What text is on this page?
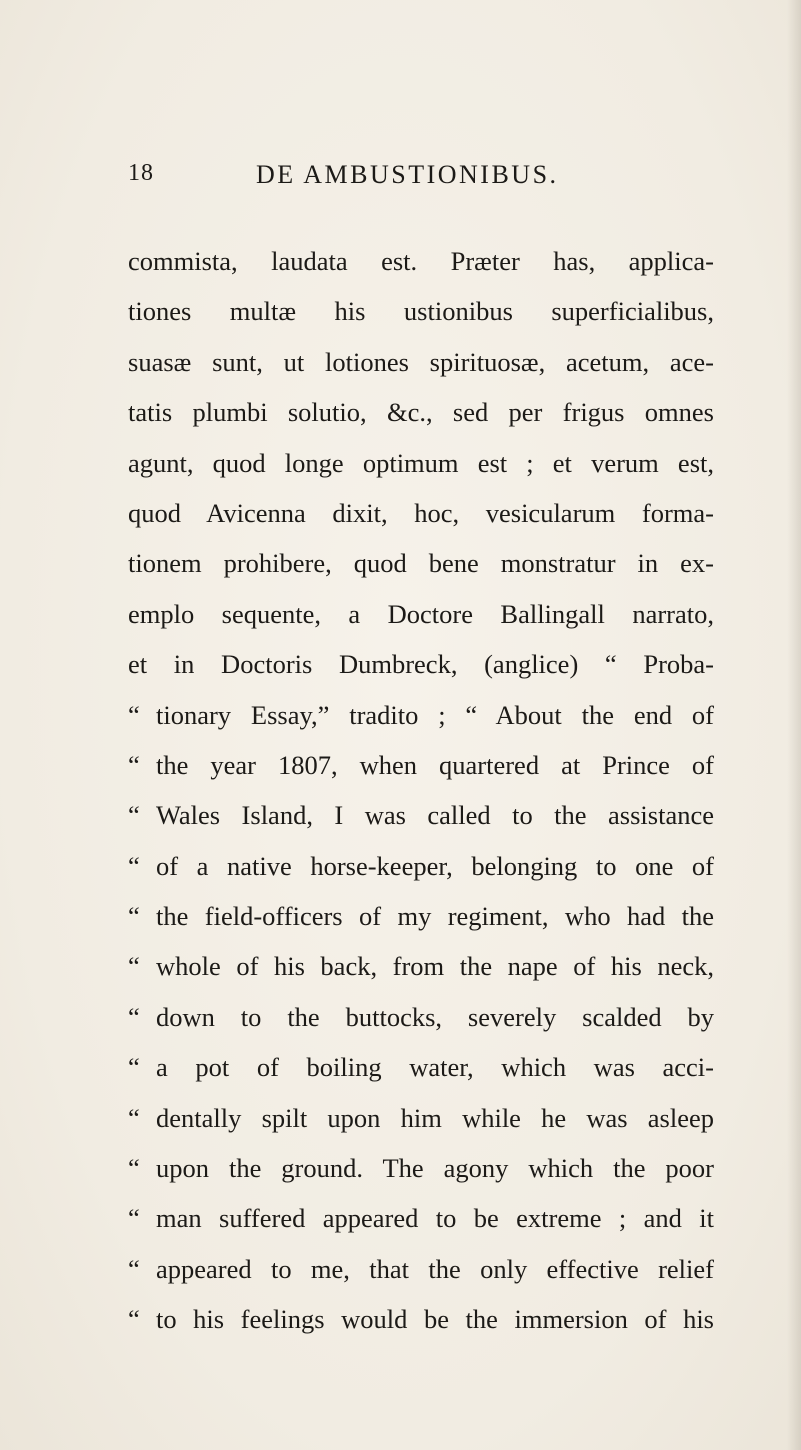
18	DE AMBUSTIONIBUS.
commista, laudata est. Præter has, applica-
tiones multæ his ustionibus superficialibus,
suasæ sunt, ut lotiones spirituosæ, acetum, ace-
tatis plumbi solutio, &c., sed per frigus omnes
agunt, quod longe optimum est ; et verum est,
quod Avicenna dixit, hoc, vesicularum forma-
tionem prohibere, quod bene monstratur in ex-
emplo sequente, a Doctore Ballingall narrato,
et in Doctoris Dumbreck, (anglice) “ Proba-
“ tionary Essay,” tradito ; “ About the end of
“ the year 1807, when quartered at Prince of
“ Wales Island, I was called to the assistance
“ of a native horse-keeper, belonging to one of
“ the field-officers of my regiment, who had the
“ whole of his back, from the nape of his neck,
“ down to the buttocks, severely scalded by
“ a pot of boiling water, which was acci-
“ dentally spilt upon him while he was asleep
“ upon the ground. The agony which the poor
“ man suffered appeared to be extreme ; and it
“ appeared to me, that the only effective relief
“ to his feelings would be the immersion of his
